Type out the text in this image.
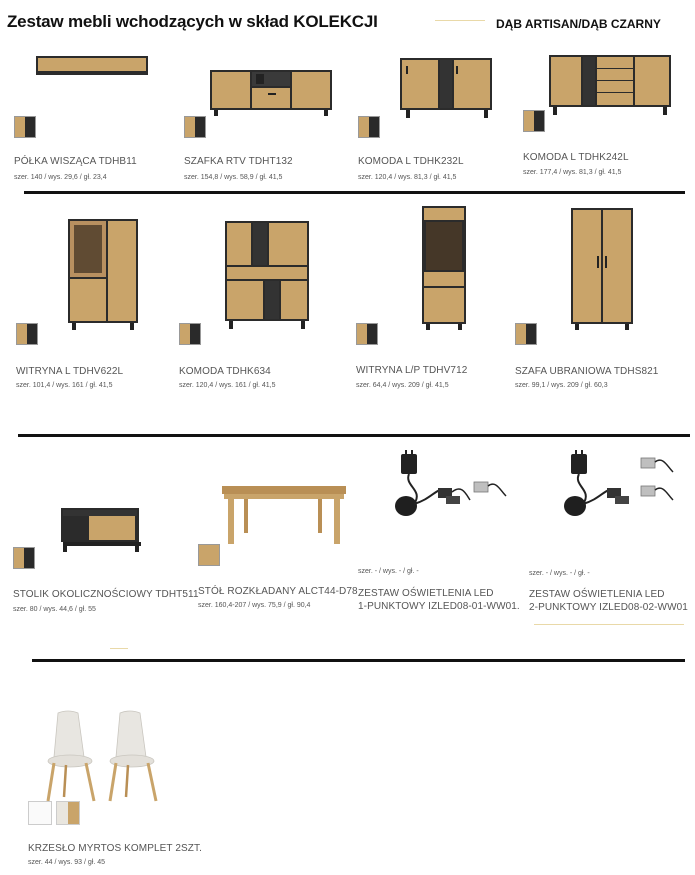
Zestaw mebli wchodzących w skład KOLEKCJI	DĄB ARTISAN/DĄB CZARNY
PÓŁKA WISZĄCA TDHB11
szer. 140 / wys. 29,6 / gł. 23,4
SZAFKA RTV TDHT132
szer. 154,8 / wys. 58,9 / gł. 41,5
KOMODA L TDHK232L
szer. 120,4 / wys. 81,3 / gł. 41,5
KOMODA L TDHK242L
szer. 177,4 / wys. 81,3 / gł. 41,5
WITRYNA L TDHV622L
szer. 101,4 / wys. 161 / gł. 41,5
KOMODA TDHK634
szer. 120,4 / wys. 161 / gł. 41,5
WITRYNA L/P TDHV712
szer. 64,4 / wys. 209 / gł. 41,5
SZAFA UBRANIOWA TDHS821
szer. 99,1 / wys. 209 / gł. 60,3
STOLIK OKOLICZNOŚCIOWY TDHT511
szer. 80 / wys. 44,6 / gł. 55
STÓŁ ROZKŁADANY ALCT44-D78
szer. 160,4-207 / wys. 75,9 / gł. 90,4
szer. - / wys. - / gł. -
ZESTAW OŚWIETLENIA LED
1-PUNKTOWY IZLED08-01-WW01.
szer. - / wys. - / gł. -
ZESTAW OŚWIETLENIA LED
2-PUNKTOWY IZLED08-02-WW01
KRZESŁO MYRTOS KOMPLET 2SZT.
szer. 44 / wys. 93 / gł. 45
